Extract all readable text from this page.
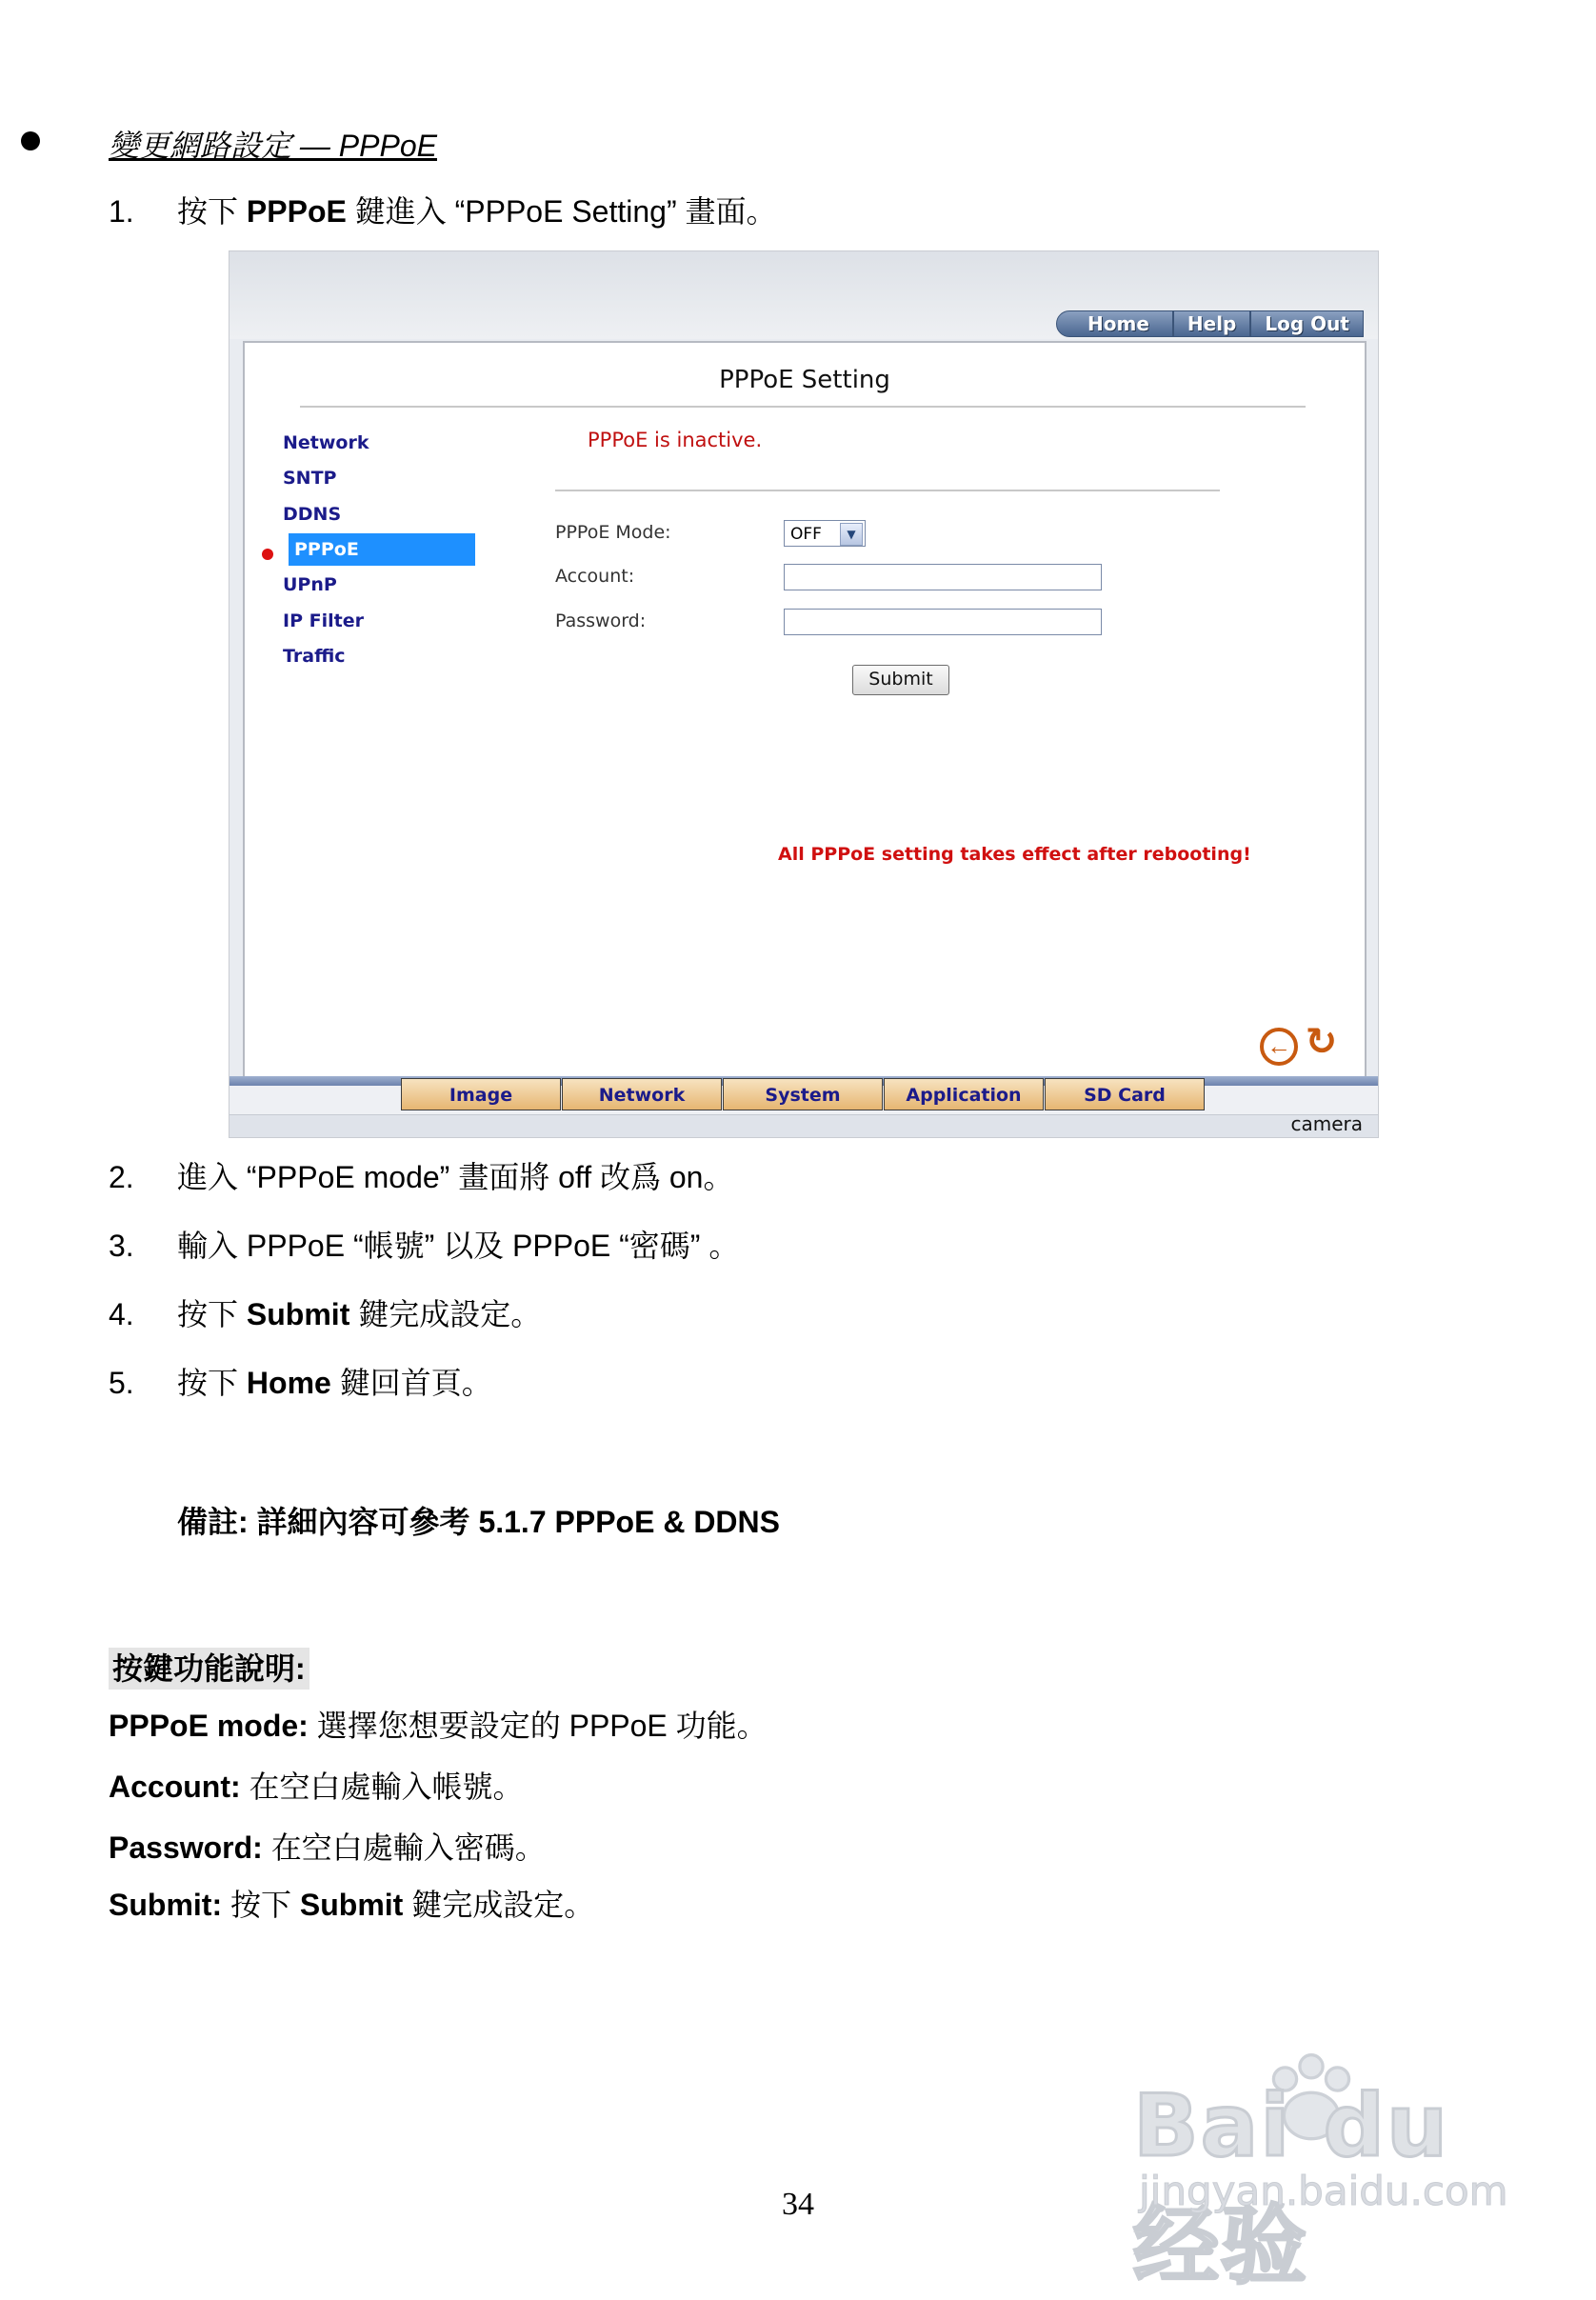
變更網路設定 — PPPoE
1. 按下 PPPoE 鍵進入 “PPPoE Setting” 畫面。
Home	Help	Log Out
PPPoE Setting
Network
SNTP
DDNS
PPPoE
UPnP
IP Filter
Traffic
PPPoE is inactive.
PPPoE Mode:	OFF	▼
Account:
Password:
Submit
All PPPoE setting takes effect after rebooting!
← ↻
Image	Network	System	Application	SD Card
camera
2. 進入 “PPPoE mode” 畫面將 off 改爲 on。
3. 輸入 PPPoE “帳號” 以及 PPPoE “密碼” 。
4. 按下 Submit 鍵完成設定。
5. 按下 Home 鍵回首頁。
備註: 詳細內容可參考 5.1.7 PPPoE & DDNS
按鍵功能說明:
PPPoE mode: 選擇您想要設定的 PPPoE 功能。
Account: 在空白處輸入帳號。
Password: 在空白處輸入密碼。
Submit: 按下 Submit 鍵完成設定。
34
Bai du 经验
jingyan.baidu.com
